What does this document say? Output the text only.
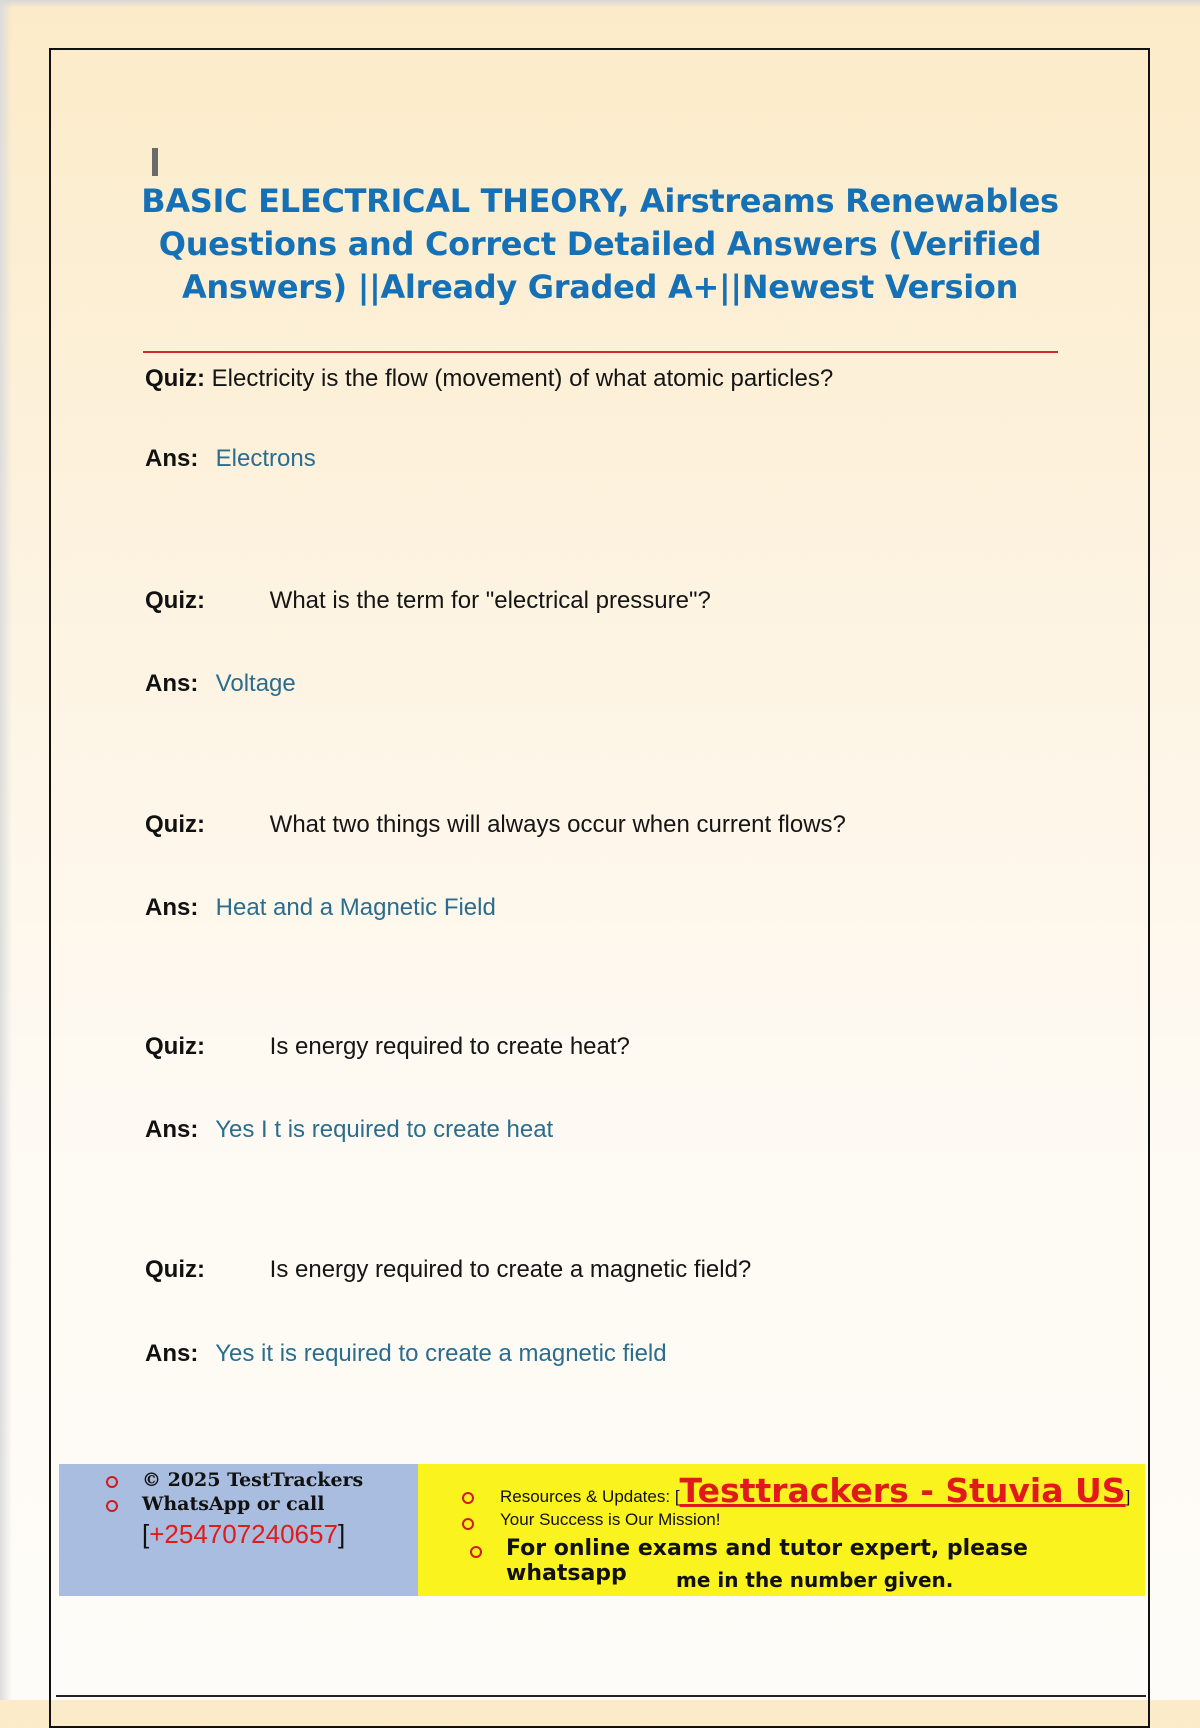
BASIC ELECTRICAL THEORY, Airstreams Renewables Questions and Correct Detailed Answers (Verified Answers) ||Already Graded A+||Newest Version
Quiz: Electricity is the flow (movement) of what atomic particles?
Ans: Electrons
Quiz:	What is the term for "electrical pressure"?
Ans: Voltage
Quiz:	What two things will always occur when current flows?
Ans: Heat and a Magnetic Field
Quiz:	Is energy required to create heat?
Ans: Yes I t is required to create heat
Quiz:	Is energy required to create a magnetic field?
Ans: Yes it is required to create a magnetic field
© 2025 TestTrackers
WhatsApp or call
[+254707240657]
Resources & Updates: [Testtrackers - Stuvia US]
Your Success is Our Mission!
For online exams and tutor expert, please whatsapp	me in the number given.
